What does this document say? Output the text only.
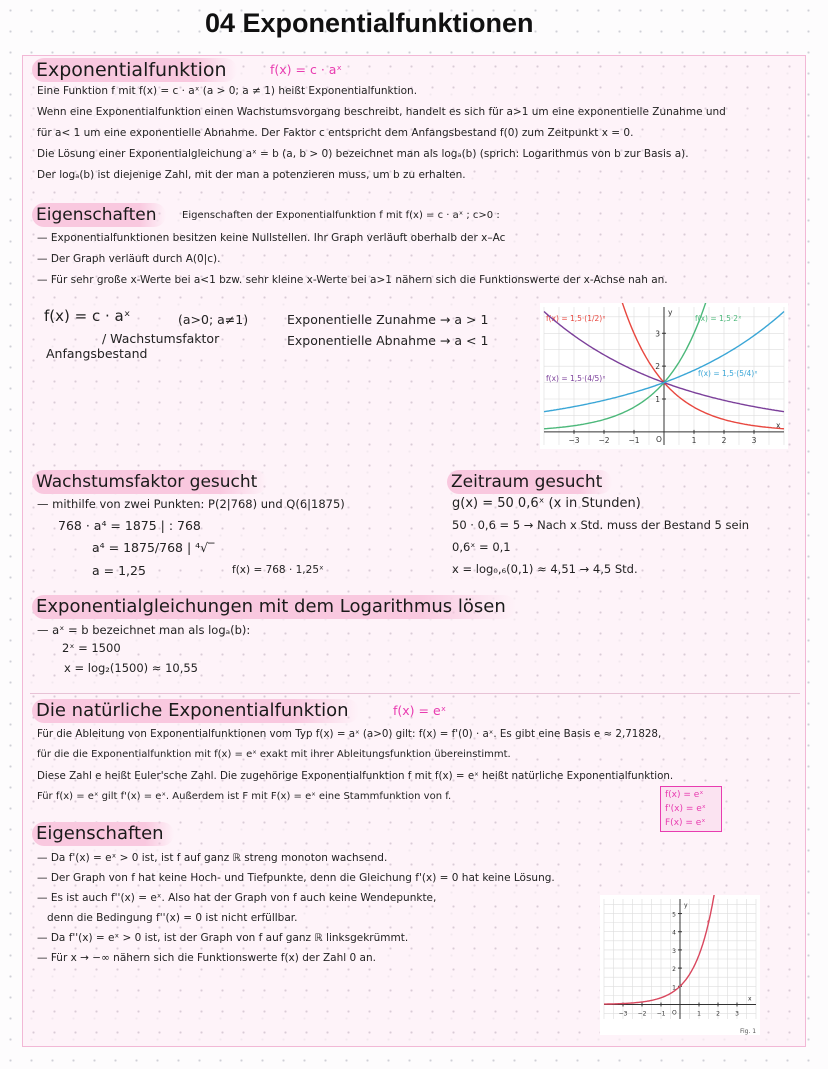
04 Exponentialfunktionen
Exponentialfunktion	f(x) = c · aˣ
Eine Funktion f mit f(x) = c · aˣ (a > 0; a ≠ 1) heißt Exponentialfunktion.
Wenn eine Exponentialfunktion einen Wachstumsvorgang beschreibt, handelt es sich für a>1 um eine exponentielle Zunahme und
für a< 1 um eine exponentielle Abnahme. Der Faktor c entspricht dem Anfangsbestand f(0) zum Zeitpunkt x = 0.
Die Lösung einer Exponentialgleichung aˣ = b (a, b > 0) bezeichnet man als logₐ(b) (sprich: Logarithmus von b zur Basis a).
Der logₐ(b) ist diejenige Zahl, mit der man a potenzieren muss, um b zu erhalten.
Eigenschaften	Eigenschaften der Exponentialfunktion f mit f(x) = c · aˣ ; c>0 :
— Exponentialfunktionen besitzen keine Nullstellen. Ihr Graph verläuft oberhalb der x–Ac
— Der Graph verläuft durch A(0|c).
— Für sehr große x-Werte bei a<1 bzw. sehr kleine x-Werte bei a>1 nähern sich die Funktionswerte der x-Achse nah an.
f(x) = c · aˣ	(a>0; a≠1)
/ Wachstumsfaktor
Anfangsbestand
Exponentielle Zunahme → a > 1
Exponentielle Abnahme → a < 1
x
y
O
−3	−2	−1	1	2	3
1
2
3
f(x) = 1,5·(1/2)ˣ	f(x) = 1,5·2ˣ
f(x) = 1,5·(4/5)ˣ
f(x) = 1,5·(5/4)ˣ
Wachstumsfaktor gesucht
— mithilfe von zwei Punkten: P(2|768) und Q(6|1875)
768 · a⁴ = 1875 | : 768
a⁴ = 1875/768 | ⁴√‾
a = 1,25	f(x) = 768 · 1,25ˣ
Zeitraum gesucht
g(x) = 50 0,6ˣ (x in Stunden)
50 · 0,6 = 5 → Nach x Std. muss der Bestand 5 sein
0,6ˣ = 0,1
x = log₀,₆(0,1) ≈ 4,51 → 4,5 Std.
Exponentialgleichungen mit dem Logarithmus lösen
— aˣ = b bezeichnet man als logₐ(b):
2ˣ = 1500
x = log₂(1500) ≈ 10,55
Die natürliche Exponentialfunktion	f(x) = eˣ
Für die Ableitung von Exponentialfunktionen vom Typ f(x) = aˣ (a>0) gilt: f(x) = f'(0) · aˣ. Es gibt eine Basis e ≈ 2,71828,
für die die Exponentialfunktion mit f(x) = eˣ exakt mit ihrer Ableitungsfunktion übereinstimmt.
Diese Zahl e heißt Euler'sche Zahl. Die zugehörige Exponentialfunktion f mit f(x) = eˣ heißt natürliche Exponentialfunktion.
Für f(x) = eˣ gilt f'(x) = eˣ. Außerdem ist F mit F(x) = eˣ eine Stammfunktion von f.	f(x) = eˣ
f'(x) = eˣ
F(x) = eˣ
Eigenschaften
— Da f'(x) = eˣ > 0 ist, ist f auf ganz ℝ streng monoton wachsend.
— Der Graph von f hat keine Hoch- und Tiefpunkte, denn die Gleichung f'(x) = 0 hat keine Lösung.
— Es ist auch f''(x) = eˣ. Also hat der Graph von f auch keine Wendepunkte,
denn die Bedingung f''(x) = 0 ist nicht erfüllbar.
— Da f''(x) = eˣ > 0 ist, ist der Graph von f auf ganz ℝ linksgekrümmt.
— Für x → −∞ nähern sich die Funktionswerte f(x) der Zahl 0 an.
x
y
O
−3 −2 −1	1	2	3
1
2
3
4
5
f
Fig. 1
